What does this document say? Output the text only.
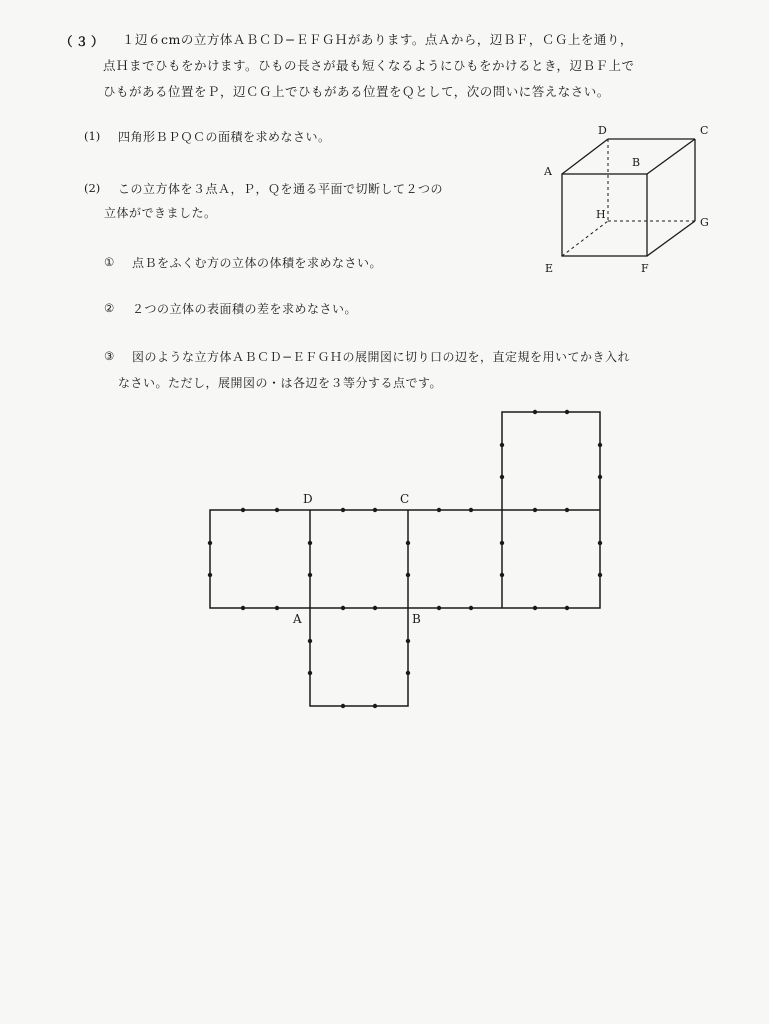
（３） １辺６cmの立方体ＡＢＣＤ−ＥＦＧＨがあります。点Ａから，辺ＢＦ，ＣＧ上を通り，
点Ｈまでひもをかけます。ひもの長さが最も短くなるようにひもをかけるとき，辺ＢＦ上で
ひもがある位置をＰ，辺ＣＧ上でひもがある位置をＱとして，次の問いに答えなさい。
(1) 四角形ＢＰＱＣの面積を求めなさい。
(2) この立方体を３点Ａ，Ｐ，Ｑを通る平面で切断して２つの
立体ができました。
① 点Ｂをふくむ方の立体の体積を求めなさい。
② ２つの立体の表面積の差を求めなさい。
③ 図のような立方体ＡＢＣＤ−ＥＦＧＨの展開図に切り口の辺を，直定規を用いてかき入れ
なさい。ただし，展開図の・は各辺を３等分する点です。
D	C
A
B
H
G
E	F
D	C
A	B
